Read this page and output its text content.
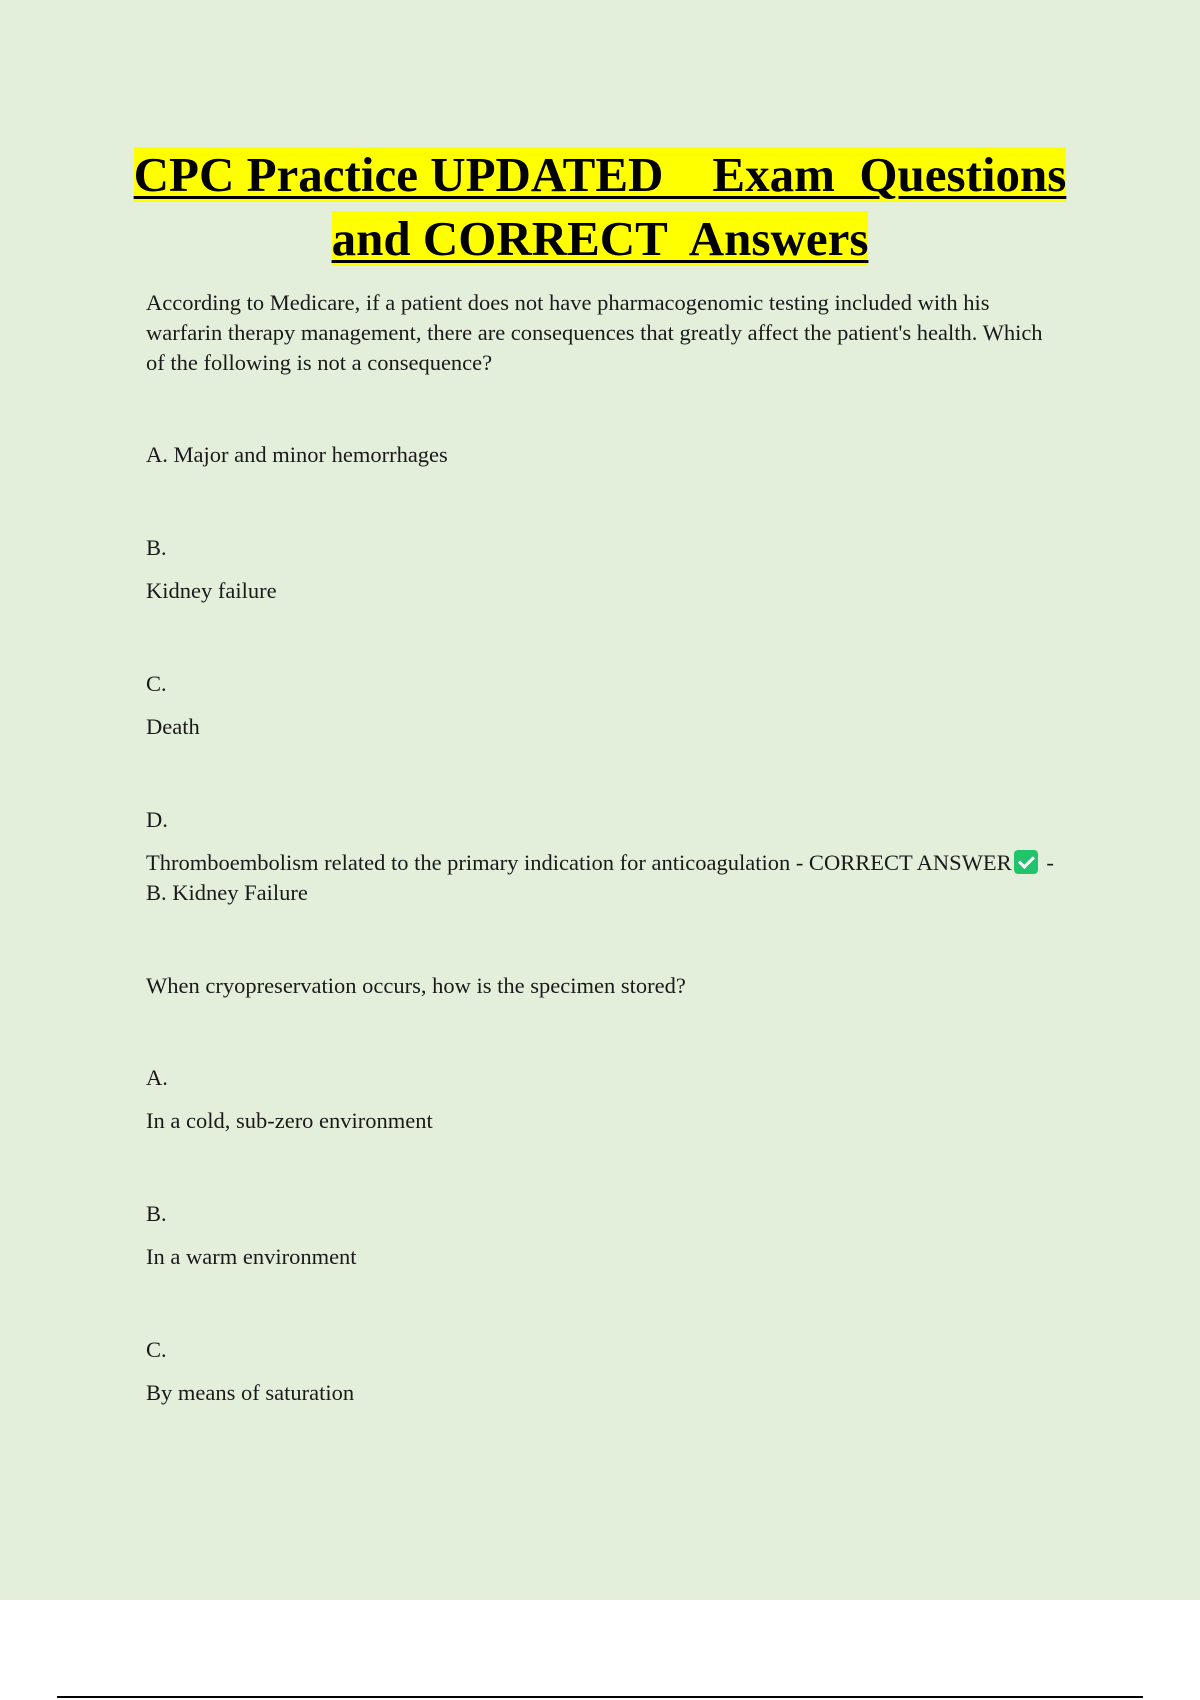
CPC Practice UPDATED    Exam  Questions
and CORRECT  Answers

According to Medicare, if a patient does not have pharmacogenomic testing included with his warfarin therapy management, there are consequences that greatly affect the patient's health. Which of the following is not a consequence?

A. Major and minor hemorrhages

B.

Kidney failure

C.

Death

D.

Thromboembolism related to the primary indication for anticoagulation - CORRECT ANSWER - B. Kidney Failure

When cryopreservation occurs, how is the specimen stored?

A.

In a cold, sub-zero environment

B.

In a warm environment

C.

By means of saturation
